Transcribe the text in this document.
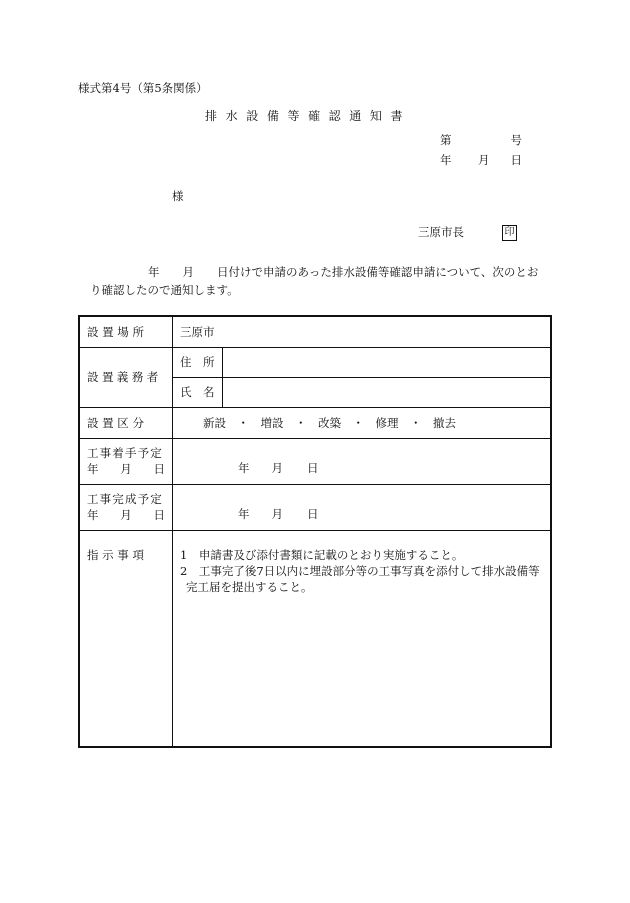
様式第4号（第5条関係）
排 水 設 備 等 確 認 通 知 書
第	号
年 月 日
様
三原市長	印
年　　月　　日付けで申請のあった排水設備等確認申請について、次のとお
り確認したので通知します。
設 置 場 所	三原市	
設置義務者	住　所	
	氏　名	
設 置 区 分	新設　・　増設　・　改築　・　修理　・　撤去	

工事着手予定
年 月 日	年 月 日	

工事完成予定
年 月 日	年 月 日	

指 示 事 項	1　申請書及び添付書類に記載のとおり実施すること。
2　工事完了後7日以内に埋設部分等の工事写真を添付して排水設備等
完工届を提出すること。	
